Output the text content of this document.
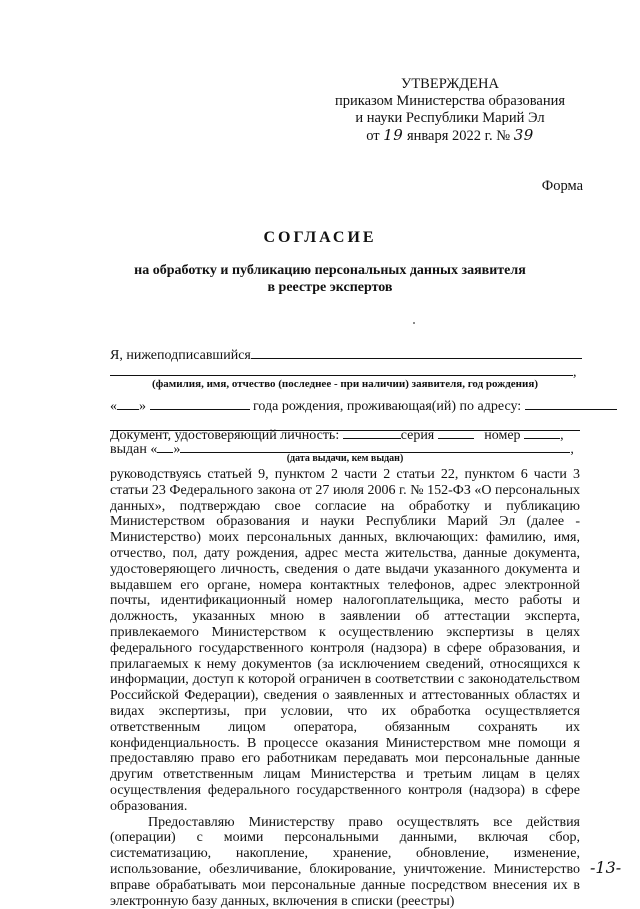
УТВЕРЖДЕНА
приказом Министерства образования
и науки Республики Марий Эл
от 19 января 2022 г. № 39
Форма
СОГЛАСИЕ
на обработку и публикацию персональных данных заявителя
в реестре экспертов
Я, нижеподписавшийся
,
(фамилия, имя, отчество (последнее - при наличии) заявителя, год рождения)
« »	года рождения, проживающая(ий) по адресу:
Документ, удостоверяющий личность:	серия	номер	,
выдан « »	,
(дата выдачи, кем выдан)

руководствуясь статьей 9, пунктом 2 части 2 статьи 22, пунктом 6 части 3 статьи 23 Федерального закона от 27 июля 2006 г. № 152-ФЗ «О персональных данных», подтверждаю свое согласие на обработку и публикацию Министерством образования и науки Республики Марий Эл (далее - Министерство) моих персональных данных, включающих: фамилию, имя, отчество, пол, дату рождения, адрес места жительства, данные документа, удостоверяющего личность, сведения о дате выдачи указанного документа и выдавшем его органе, номера контактных телефонов, адрес электронной почты, идентификационный номер налогоплательщика, место работы и должность, указанных мною в заявлении об аттестации эксперта, привлекаемого Министерством к осуществлению экспертизы в целях федерального государственного контроля (надзора) в сфере образования, и прилагаемых к нему документов (за исключением сведений, относящихся к информации, доступ к которой ограничен в соответствии с законодательством Российской Федерации), сведения о заявленных и аттестованных областях и видах экспертизы, при условии, что их обработка осуществляется ответственным лицом оператора, обязанным сохранять их конфиденциальность. В процессе оказания Министерством мне помощи я предоставляю право его работникам передавать мои персональные данные другим ответственным лицам Министерства и третьим лицам в целях осуществления федерального государственного контроля (надзора) в сфере образования.

Предоставляю Министерству право осуществлять все действия (операции) с моими персональными данными, включая сбор, систематизацию, накопление, хранение, обновление, изменение, использование, обезличивание, блокирование, уничтожение. Министерство вправе обрабатывать мои персональные данные посредством внесения их в электронную базу данных, включения в списки (реестры)

-13-
